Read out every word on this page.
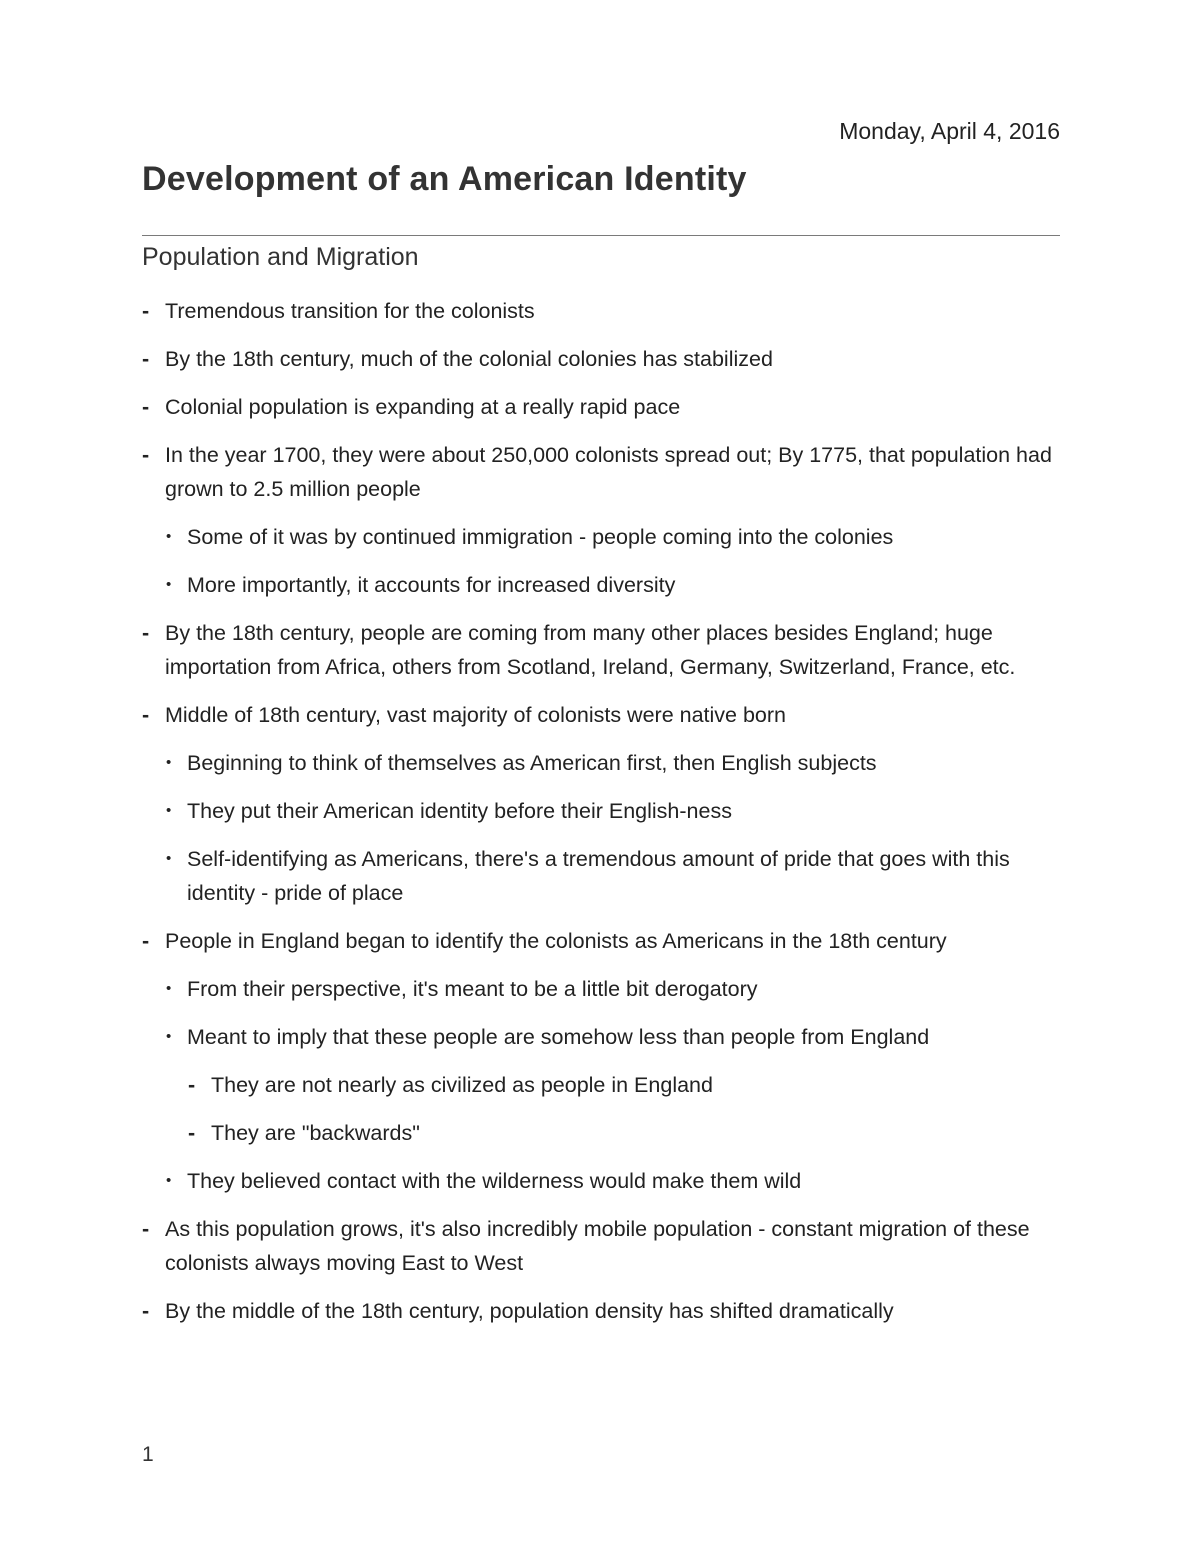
Monday, April 4, 2016
Development of an American Identity
Population and Migration
- Tremendous transition for the colonists
- By the 18th century, much of the colonial colonies has stabilized
- Colonial population is expanding at a really rapid pace
- In the year 1700, they were about 250,000 colonists spread out; By 1775, that population had grown to 2.5 million people
• Some of it was by continued immigration - people coming into the colonies
• More importantly, it accounts for increased diversity
- By the 18th century, people are coming from many other places besides England; huge importation from Africa, others from Scotland, Ireland, Germany, Switzerland, France, etc.
- Middle of 18th century, vast majority of colonists were native born
• Beginning to think of themselves as American first, then English subjects
• They put their American identity before their English-ness
• Self-identifying as Americans, there's a tremendous amount of pride that goes with this identity - pride of place
- People in England began to identify the colonists as Americans in the 18th century
• From their perspective, it's meant to be a little bit derogatory
• Meant to imply that these people are somehow less than people from England
- They are not nearly as civilized as people in England
- They are "backwards"
• They believed contact with the wilderness would make them wild
- As this population grows, it's also incredibly mobile population - constant migration of these colonists always moving East to West
- By the middle of the 18th century, population density has shifted dramatically
1
